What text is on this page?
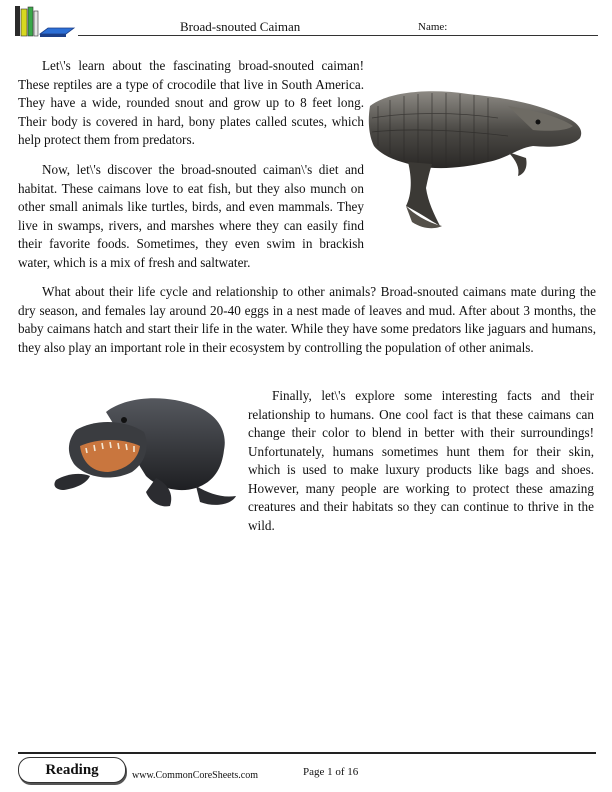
Broad-snouted Caiman	Name:

Let\'s learn about the fascinating broad-snouted caiman! These reptiles are a type of crocodile that live in South America. They have a wide, rounded snout and grow up to 8 feet long. Their body is covered in hard, bony plates called scutes, which help protect them from predators.

Now, let\'s discover the broad-snouted caiman\'s diet and habitat. These caimans love to eat fish, but they also munch on other small animals like turtles, birds, and even mammals. They live in swamps, rivers, and marshes where they can easily find their favorite foods. Sometimes, they even swim in brackish water, which is a mix of fresh and saltwater.

What about their life cycle and relationship to other animals? Broad-snouted caimans mate during the dry season, and females lay around 20-40 eggs in a nest made of leaves and mud. After about 3 months, the baby caimans hatch and start their life in the water. While they have some predators like jaguars and humans, they also play an important role in their ecosystem by controlling the population of other animals.

Finally, let\'s explore some interesting facts and their relationship to humans. One cool fact is that these caimans can change their color to blend in better with their surroundings! Unfortunately, humans sometimes hunt them for their skin, which is used to make luxury products like bags and shoes. However, many people are working to protect these amazing creatures and their habitats so they can continue to thrive in the wild.

Reading	www.CommonCoreSheets.com	Page 1 of 16
